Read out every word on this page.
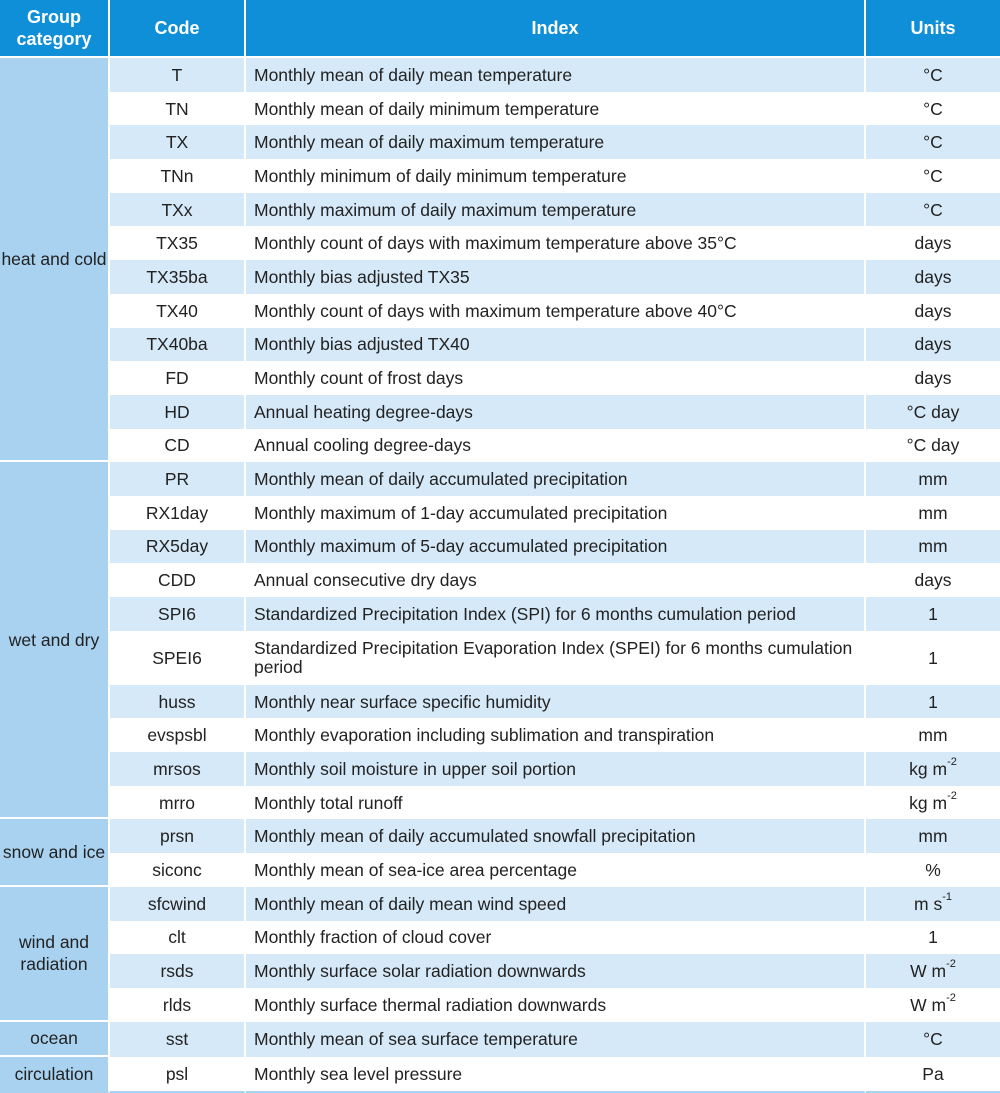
Group category	Code	Index	Units
heat and cold	T	Monthly mean of daily mean temperature	°C
	TN	Monthly mean of daily minimum temperature	°C
	TX	Monthly mean of daily maximum temperature	°C
	TNn	Monthly minimum of daily minimum temperature	°C
	TXx	Monthly maximum of daily maximum temperature	°C
	TX35	Monthly count of days with maximum temperature above 35°C	days
	TX35ba	Monthly bias adjusted TX35	days
	TX40	Monthly count of days with maximum temperature above 40°C	days
	TX40ba	Monthly bias adjusted TX40	days
	FD	Monthly count of frost days	days
	HD	Annual heating degree-days	°C day
	CD	Annual cooling degree-days	°C day
wet and dry	PR	Monthly mean of daily accumulated precipitation	mm
	RX1day	Monthly maximum of 1-day accumulated precipitation	mm
	RX5day	Monthly maximum of 5-day accumulated precipitation	mm
	CDD	Annual consecutive dry days	days
	SPI6	Standardized Precipitation Index (SPI) for 6 months cumulation period	1
	SPEI6	Standardized Precipitation Evaporation Index (SPEI) for 6 months cumulation period	1
	huss	Monthly near surface specific humidity	1
	evspsbl	Monthly evaporation including sublimation and transpiration	mm
	mrsos	Monthly soil moisture in upper soil portion	kg $m^{-2}$
	mrro	Monthly total runoff	kg $m^{-2}$
snow and ice	prsn	Monthly mean of daily accumulated snowfall precipitation	mm
	siconc	Monthly mean of sea-ice area percentage	%
wind and radiation	sfcwind	Monthly mean of daily mean wind speed	m $s^{-1}$
	clt	Monthly fraction of cloud cover	1
	rsds	Monthly surface solar radiation downwards	W $m^{-2}$
	rlds	Monthly surface thermal radiation downwards	W $m^{-2}$
ocean	sst	Monthly mean of sea surface temperature	°C
circulation	psl	Monthly sea level pressure	Pa
